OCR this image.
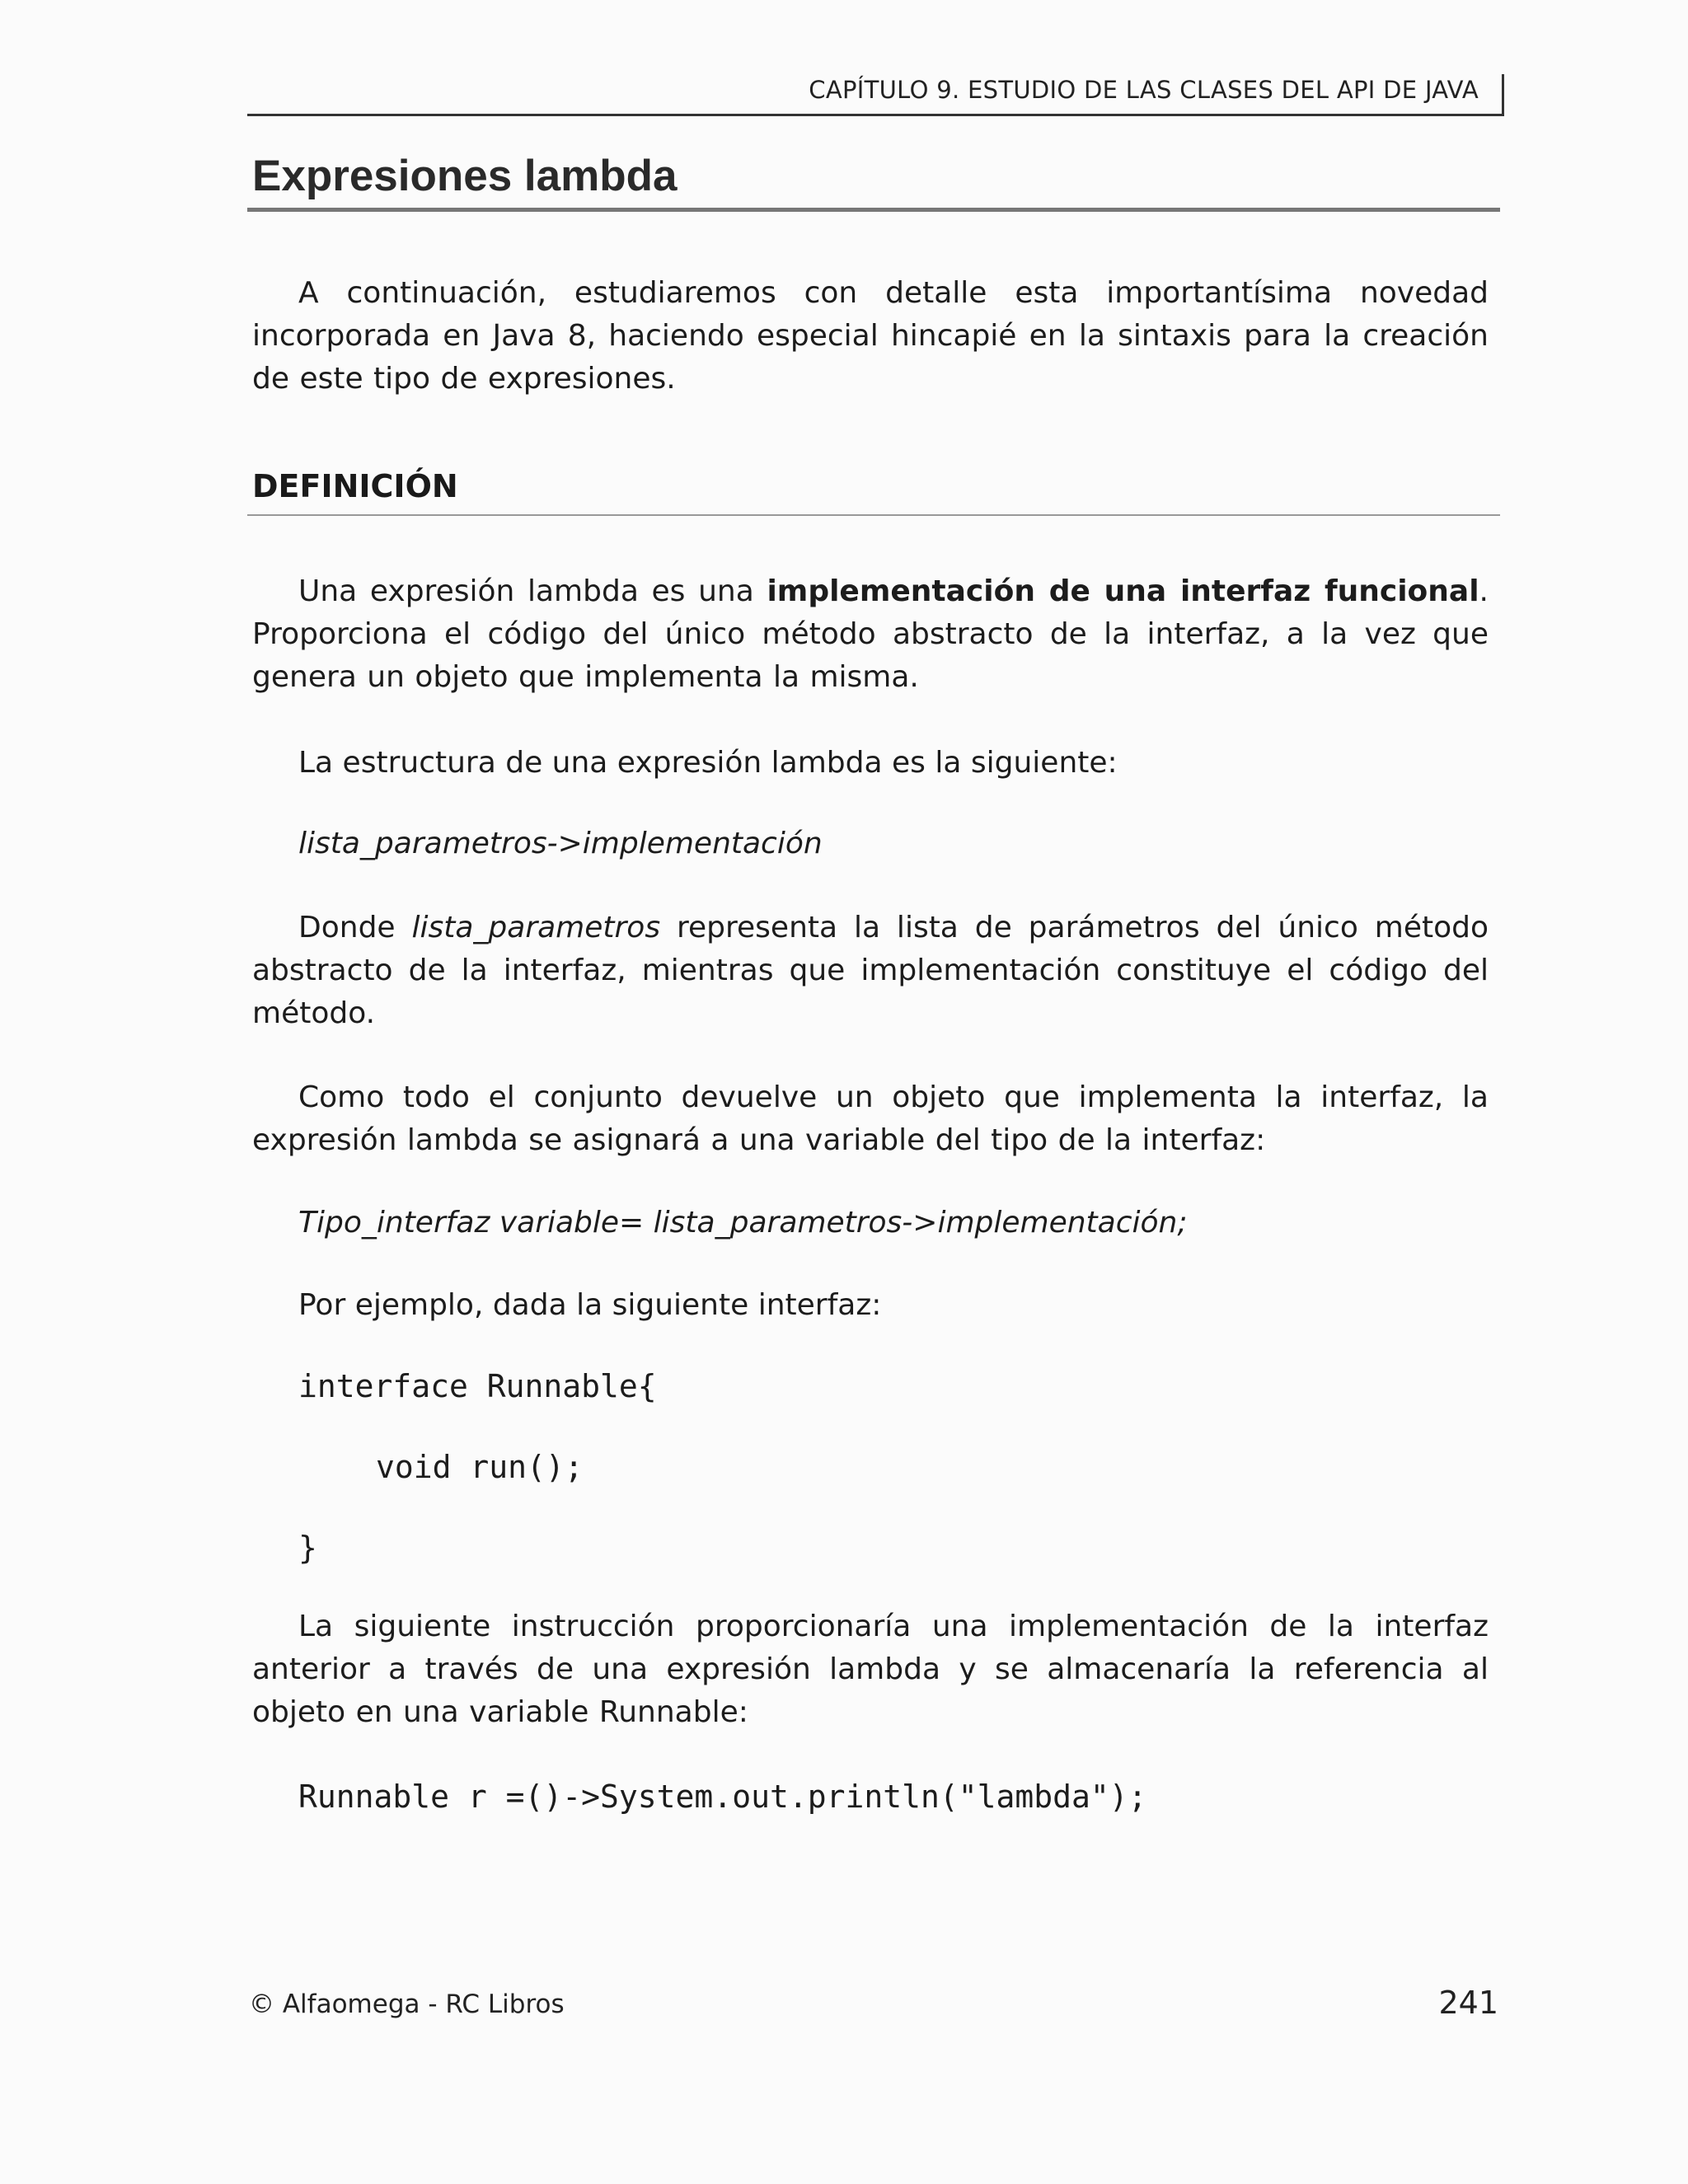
CAPÍTULO 9. ESTUDIO DE LAS CLASES DEL API DE JAVA
Expresiones lambda

A continuación, estudiaremos con detalle esta importantísima novedad incorporada en Java 8, haciendo especial hincapié en la sintaxis para la creación de este tipo de expresiones.

DEFINICIÓN

Una expresión lambda es una implementación de una interfaz funcional. Proporciona el código del único método abstracto de la interfaz, a la vez que genera un objeto que implementa la misma.

La estructura de una expresión lambda es la siguiente:
lista_parametros->implementación

Donde lista_parametros representa la lista de parámetros del único método abstracto de la interfaz, mientras que implementación constituye el código del método.

Como todo el conjunto devuelve un objeto que implementa la interfaz, la expresión lambda se asignará a una variable del tipo de la interfaz:

Tipo_interfaz variable= lista_parametros->implementación;
Por ejemplo, dada la siguiente interfaz:
interface Runnable{
void run();
}

La siguiente instrucción proporcionaría una implementación de la interfaz anterior a través de una expresión lambda y se almacenaría la referencia al objeto en una variable Runnable:

Runnable r =()->System.out.println("lambda");
© Alfaomega - RC Libros	241
